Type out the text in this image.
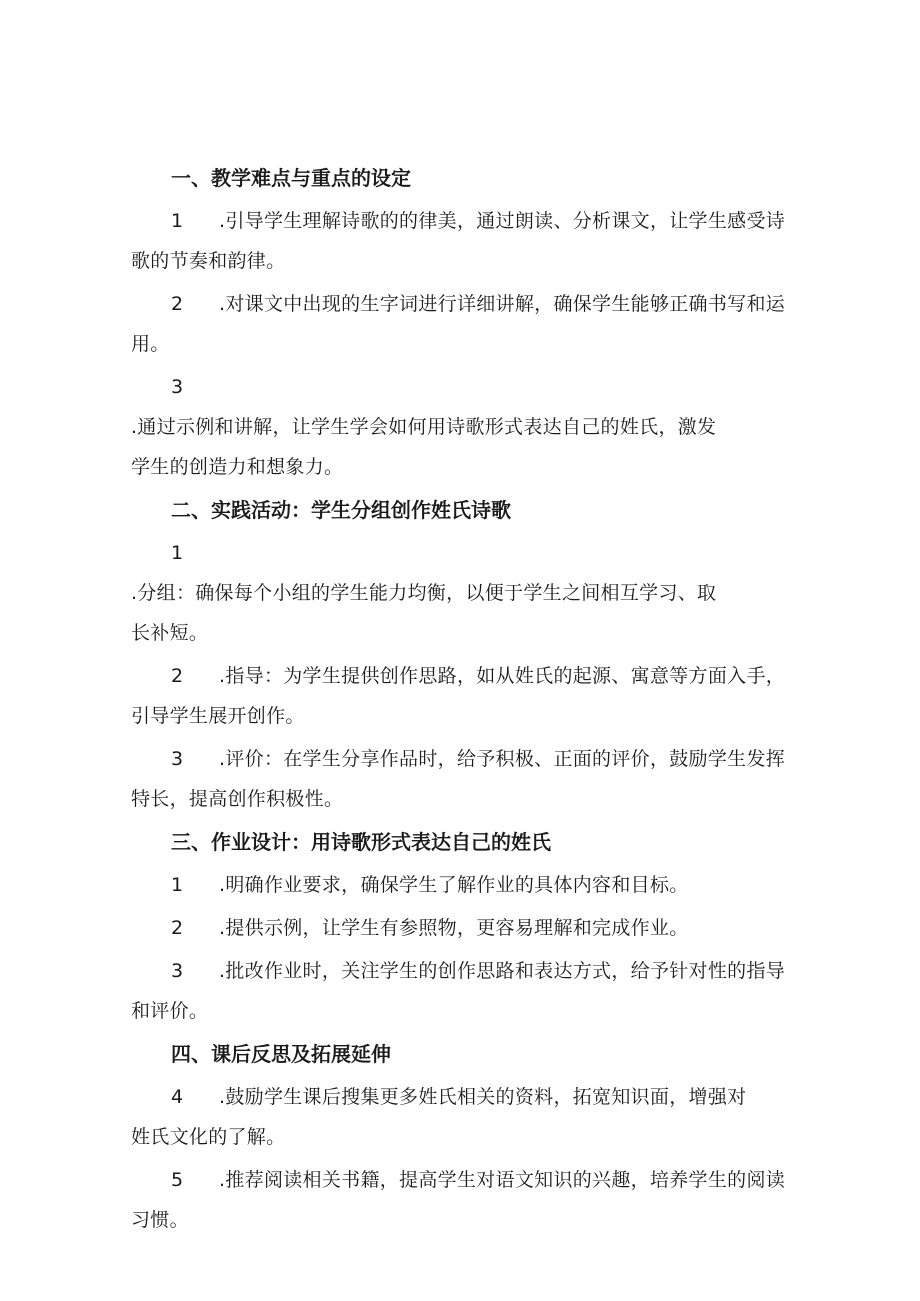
一、教学难点与重点的设定
1 .引导学生理解诗歌的的律美，通过朗读、分析课文，让学生感受诗
歌的节奏和韵律。
2 .对课文中出现的生字词进行详细讲解，确保学生能够正确书写和运
用。
3.通过示例和讲解，让学生学会如何用诗歌形式表达自己的姓氏，激发
学生的创造力和想象力。
二、实践活动：学生分组创作姓氏诗歌
1.分组：确保每个小组的学生能力均衡，以便于学生之间相互学习、取
长补短。
2 .指导：为学生提供创作思路，如从姓氏的起源、寓意等方面入手，
引导学生展开创作。
3 .评价：在学生分享作品时，给予积极、正面的评价，鼓励学生发挥
特长，提高创作积极性。
三、作业设计：用诗歌形式表达自己的姓氏
1 .明确作业要求，确保学生了解作业的具体内容和目标。
2 .提供示例，让学生有参照物，更容易理解和完成作业。
3 .批改作业时，关注学生的创作思路和表达方式，给予针对性的指导
和评价。
四、课后反思及拓展延伸
4 .鼓励学生课后搜集更多姓氏相关的资料，拓宽知识面，增强对
姓氏文化的了解。
5 .推荐阅读相关书籍，提高学生对语文知识的兴趣，培养学生的阅读
习惯。
